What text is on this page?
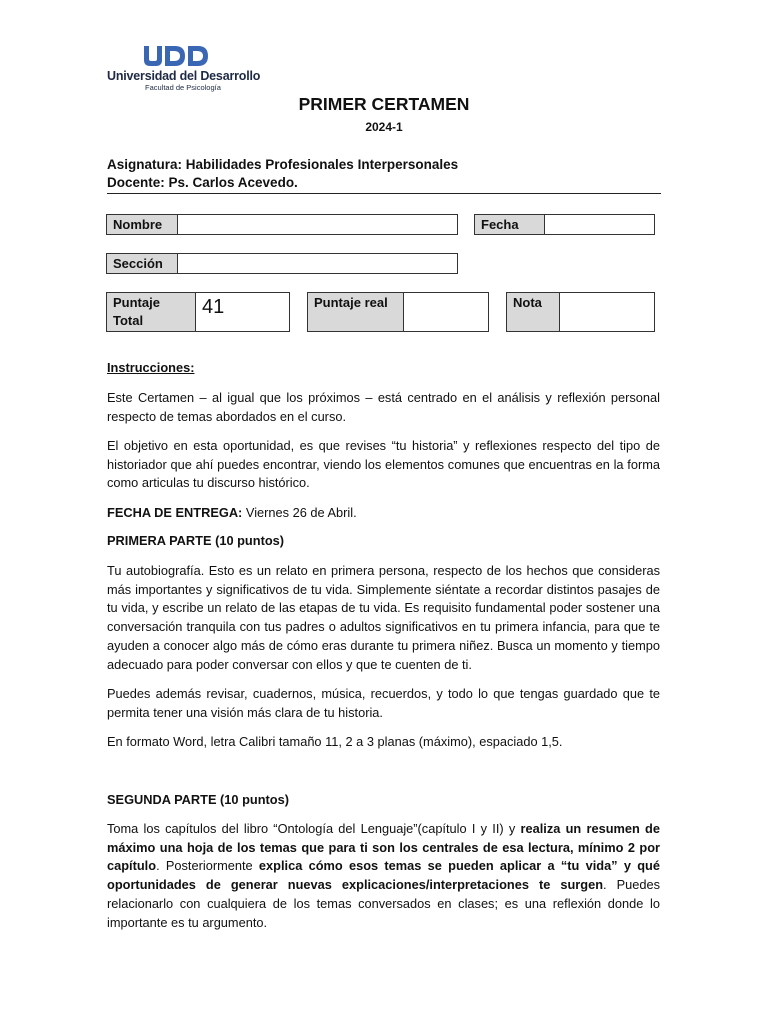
Universidad del Desarrollo
Facultad de Psicología
PRIMER CERTAMEN
2024-1
Asignatura: Habilidades Profesionales Interpersonales
Docente: Ps. Carlos Acevedo.
Nombre	Fecha
Sección
Puntaje
Total
41	Puntaje real	Nota
Instrucciones:

Este Certamen – al igual que los próximos – está centrado en el análisis y reflexión personal respecto de temas abordados en el curso.

El objetivo en esta oportunidad, es que revises “tu historia” y reflexiones respecto del tipo de historiador que ahí puedes encontrar, viendo los elementos comunes que encuentras en la forma como articulas tu discurso histórico.

FECHA DE ENTREGA: Viernes 26 de Abril.

PRIMERA PARTE (10 puntos)

Tu autobiografía. Esto es un relato en primera persona, respecto de los hechos que consideras más importantes y significativos de tu vida. Simplemente siéntate a recordar distintos pasajes de tu vida, y escribe un relato de las etapas de tu vida. Es requisito fundamental poder sostener una conversación tranquila con tus padres o adultos significativos en tu primera infancia, para que te ayuden a conocer algo más de cómo eras durante tu primera niñez. Busca un momento y tiempo adecuado para poder conversar con ellos y que te cuenten de ti.

Puedes además revisar, cuadernos, música, recuerdos, y todo lo que tengas guardado que te permita tener una visión más clara de tu historia.

En formato Word, letra Calibri tamaño 11, 2 a 3 planas (máximo), espaciado 1,5.

SEGUNDA PARTE (10 puntos)

Toma los capítulos del libro “Ontología del Lenguaje”(capítulo I y II) y realiza un resumen de máximo una hoja de los temas que para ti son los centrales de esa lectura, mínimo 2 por capítulo. Posteriormente explica cómo esos temas se pueden aplicar a “tu vida” y qué oportunidades de generar nuevas explicaciones/interpretaciones te surgen. Puedes relacionarlo con cualquiera de los temas conversados en clases; es una reflexión donde lo importante es tu argumento.
